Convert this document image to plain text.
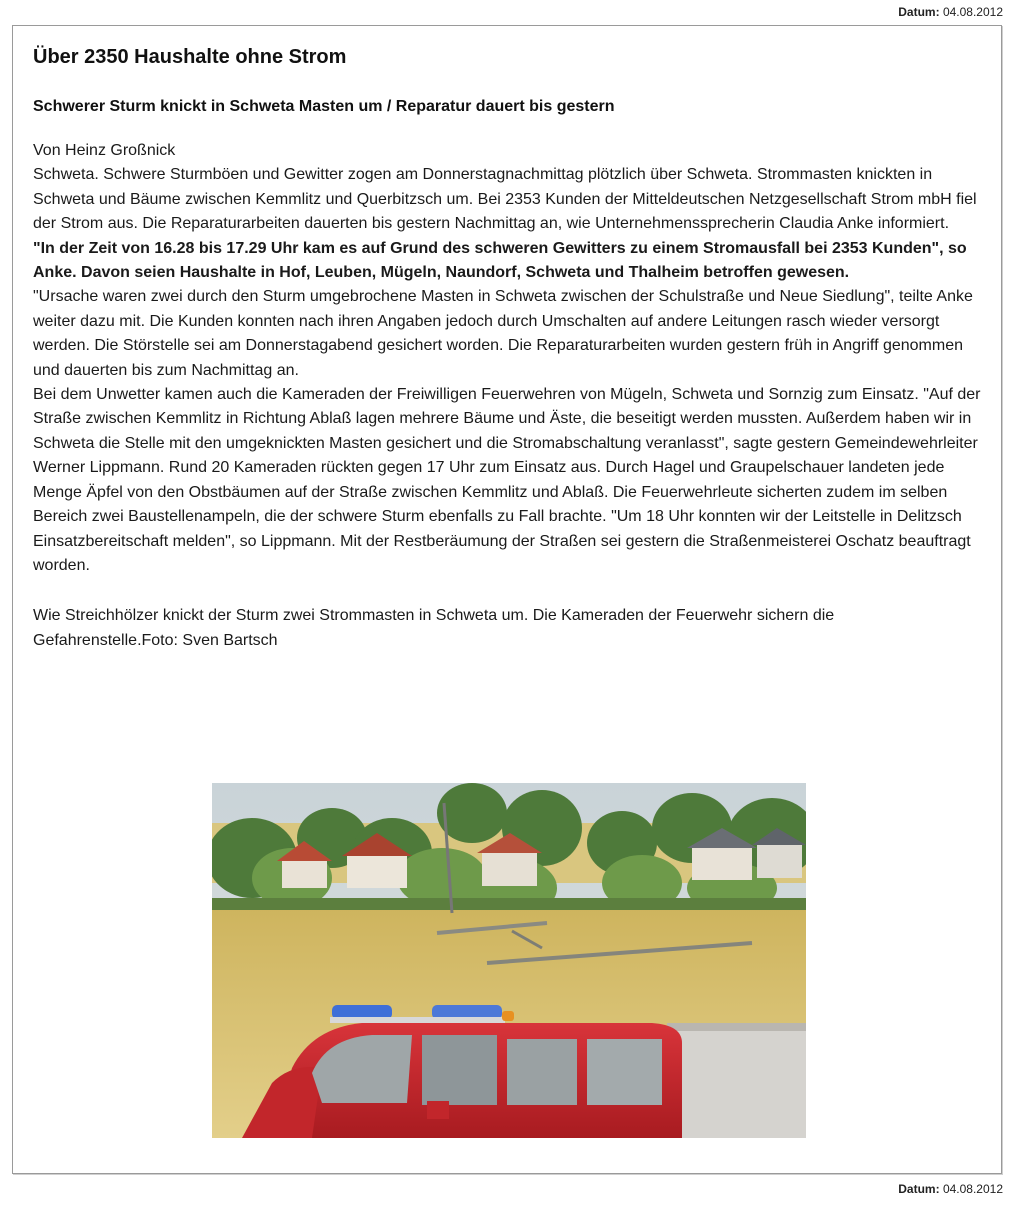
Datum: 04.08.2012
Über 2350 Haushalte ohne Strom
Schwerer Sturm knickt in Schweta Masten um / Reparatur dauert bis gestern

Von Heinz Großnick

Schweta. Schwere Sturmböen und Gewitter zogen am Donnerstagnachmittag plötzlich über Schweta. Strommasten knickten in Schweta und Bäume zwischen Kemmlitz und Querbitzsch um. Bei 2353 Kunden der Mitteldeutschen Netzgesellschaft Strom mbH fiel der Strom aus. Die Reparaturarbeiten dauerten bis gestern Nachmittag an, wie Unternehmenssprecherin Claudia Anke informiert.

"In der Zeit von 16.28 bis 17.29 Uhr kam es auf Grund des schweren Gewitters zu einem Stromausfall bei 2353 Kunden", so Anke. Davon seien Haushalte in Hof, Leuben, Mügeln, Naundorf, Schweta und Thalheim betroffen gewesen.

"Ursache waren zwei durch den Sturm umgebrochene Masten in Schweta zwischen der Schulstraße und Neue Siedlung", teilte Anke weiter dazu mit. Die Kunden konnten nach ihren Angaben jedoch durch Umschalten auf andere Leitungen rasch wieder versorgt werden. Die Störstelle sei am Donnerstagabend gesichert worden. Die Reparaturarbeiten wurden gestern früh in Angriff genommen und dauerten bis zum Nachmittag an.

Bei dem Unwetter kamen auch die Kameraden der Freiwilligen Feuerwehren von Mügeln, Schweta und Sornzig zum Einsatz. "Auf der Straße zwischen Kemmlitz in Richtung Ablaß lagen mehrere Bäume und Äste, die beseitigt werden mussten. Außerdem haben wir in Schweta die Stelle mit den umgeknickten Masten gesichert und die Stromabschaltung veranlasst", sagte gestern Gemeindewehrleiter Werner Lippmann. Rund 20 Kameraden rückten gegen 17 Uhr zum Einsatz aus. Durch Hagel und Graupelschauer landeten jede Menge Äpfel von den Obstbäumen auf der Straße zwischen Kemmlitz und Ablaß. Die Feuerwehrleute sicherten zudem im selben Bereich zwei Baustellenampeln, die der schwere Sturm ebenfalls zu Fall brachte. "Um 18 Uhr konnten wir der Leitstelle in Delitzsch Einsatzbereitschaft melden", so Lippmann. Mit der Restberäumung der Straßen sei gestern die Straßenmeisterei Oschatz beauftragt worden.

Wie Streichhölzer knickt der Sturm zwei Strommasten in Schweta um. Die Kameraden der Feuerwehr sichern die Gefahrenstelle.Foto: Sven Bartsch

Datum: 04.08.2012
